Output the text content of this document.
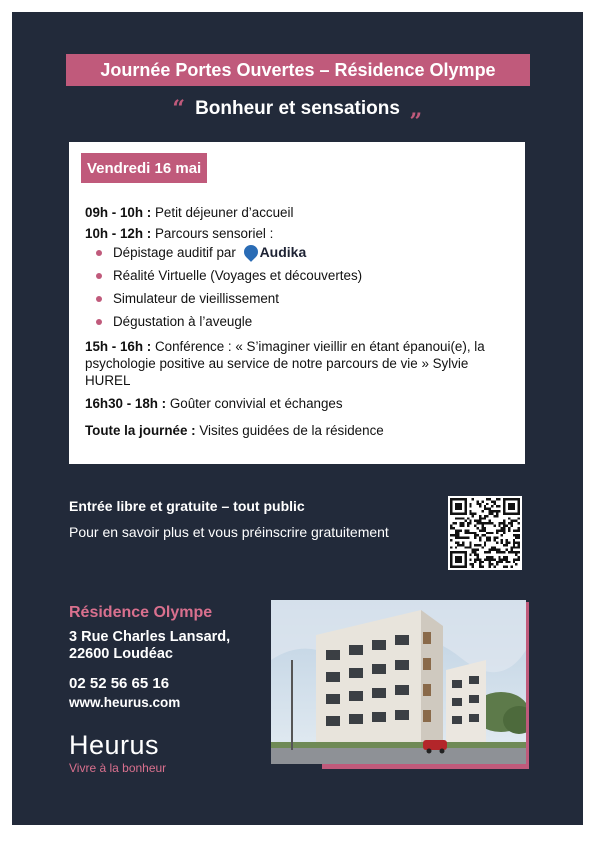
Journée Portes Ouvertes – Résidence Olympe
“ Bonheur et sensations „
Vendredi 16 mai

09h - 10h : Petit déjeuner d’accueil

10h - 12h : Parcours sensoriel :

Dépistage auditif par Audika
Réalité Virtuelle (Voyages et découvertes)
Simulateur de vieillissement
Dégustation à l’aveugle

15h - 16h : Conférence : « S’imaginer vieillir en étant épanoui(e), la psychologie positive au service de notre parcours de vie » Sylvie HUREL

16h30 - 18h : Goûter convivial et échanges

Toute la journée : Visites guidées de la résidence

Entrée libre et gratuite – tout public
Pour en savoir plus et vous préinscrire gratuitement
Résidence Olympe
3 Rue Charles Lansard,
22600 Loudéac
02 52 56 65 16
www.heurus.com
Heurus
Vivre à la bonheur
